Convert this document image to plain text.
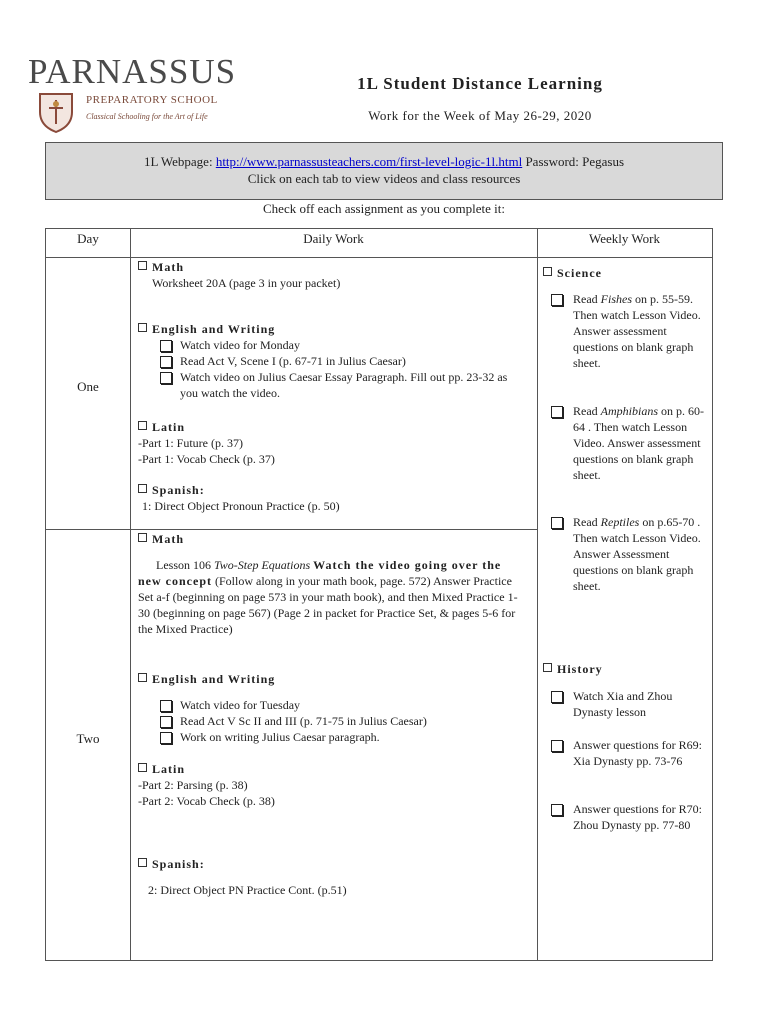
PARNASSUS
PREPARATORY SCHOOL
Classical Schooling for the Art of Life
1L Student Distance Learning
Work for the Week of May 26-29, 2020
1L Webpage: http://www.parnassusteachers.com/first-level-logic-1l.html Password: Pegasus
Click on each tab to view videos and class resources
Check off each assignment as you complete it:
Day	Daily Work	Weekly Work
One
Two
Math
Worksheet 20A (page 3 in your packet)
English and Writing
Watch video for Monday
Read Act V, Scene I (p. 67-71 in Julius Caesar)
Watch video on Julius Caesar Essay Paragraph. Fill out pp. 23-32 as you watch the video.
Latin
-Part 1: Future (p. 37)
-Part 1: Vocab Check (p. 37)
Spanish:
1: Direct Object Pronoun Practice (p. 50)
Math
Lesson 106 Two-Step Equations Watch the video going over the new concept (Follow along in your math book, page. 572) Answer Practice Set a-f (beginning on page 573 in your math book), and then Mixed Practice 1-30 (beginning on page 567) (Page 2 in packet for Practice Set, & pages 5-6 for the Mixed Practice)
English and Writing
Watch video for Tuesday
Read Act V Sc II and III (p. 71-75 in Julius Caesar)
Work on writing Julius Caesar paragraph.
Latin
-Part 2: Parsing (p. 38)
-Part 2: Vocab Check (p. 38)
Spanish:
2: Direct Object PN Practice Cont. (p.51)
Science
Read Fishes on p. 55-59. Then watch Lesson Video. Answer assessment questions on blank graph sheet.
Read Amphibians on p. 60-64 . Then watch Lesson Video. Answer assessment questions on blank graph sheet.
Read Reptiles on p.65-70 . Then watch Lesson Video. Answer Assessment questions on blank graph sheet.
History
Watch Xia and Zhou Dynasty lesson
Answer questions for R69: Xia Dynasty pp. 73-76
Answer questions for R70: Zhou Dynasty pp. 77-80
